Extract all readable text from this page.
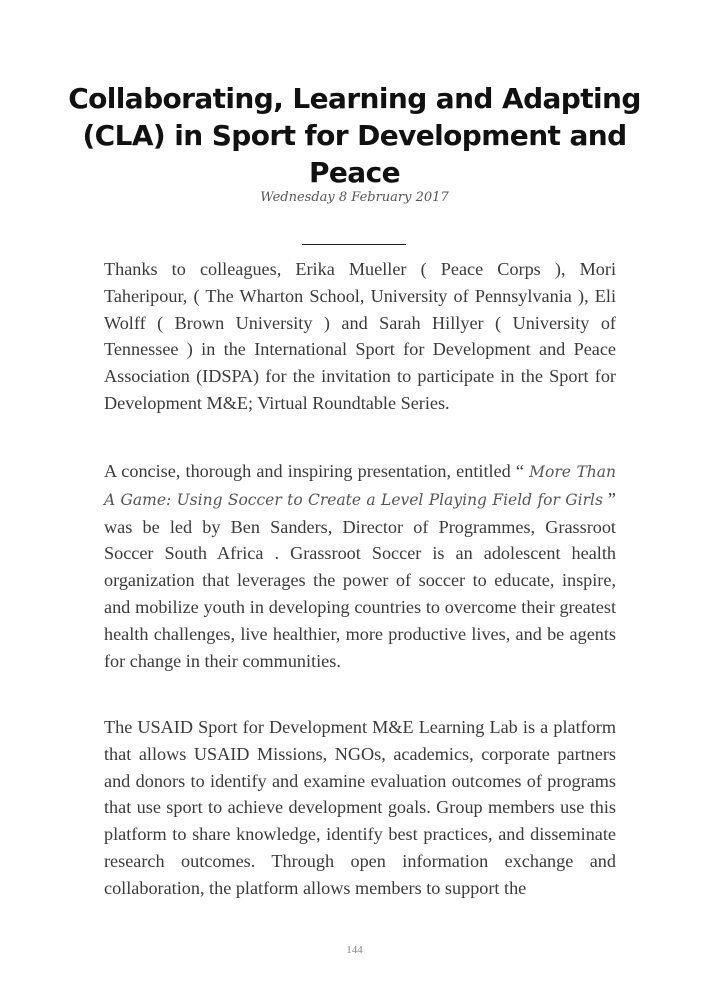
Collaborating, Learning and Adapting (CLA) in Sport for Development and Peace
Wednesday 8 February 2017

Thanks to colleagues, Erika Mueller ( Peace Corps ), Mori Taheripour, ( The Wharton School, University of Pennsylvania ), Eli Wolff ( Brown University ) and Sarah Hillyer ( University of Tennessee ) in the International Sport for Development and Peace Association (IDSPA) for the invitation to participate in the Sport for Development M&E; Virtual Roundtable Series.

A concise, thorough and inspiring presentation, entitled “ More Than A Game: Using Soccer to Create a Level Playing Field for Girls ” was be led by Ben Sanders, Director of Programmes, Grassroot Soccer South Africa . Grassroot Soccer is an adolescent health organization that leverages the power of soccer to educate, inspire, and mobilize youth in developing countries to overcome their greatest health challenges, live healthier, more productive lives, and be agents for change in their communities.

The USAID Sport for Development M&E Learning Lab is a platform that allows USAID Missions, NGOs, academics, corporate partners and donors to identify and examine evaluation outcomes of programs that use sport to achieve development goals. Group members use this platform to share knowledge, identify best practices, and disseminate research outcomes. Through open information exchange and collaboration, the platform allows members to support the

144
